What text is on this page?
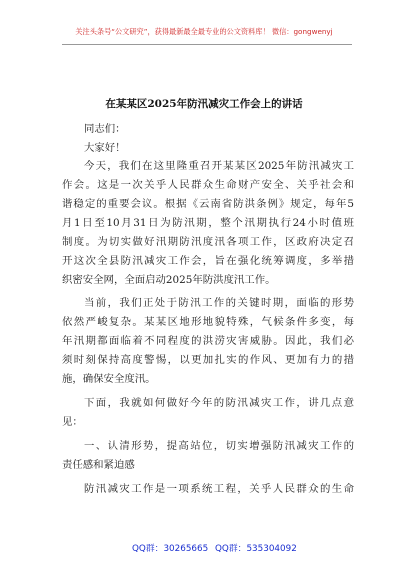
关注头条号“公文研究”，获得最新最全最专业的公文资料库！ 微信：gongwenyj
在某某区2025年防汛减灾工作会上的讲话
同志们：
大家好！
今天，我们在这里隆重召开某某区2025年防汛减灾工
作会。这是一次关乎人民群众生命财产安全、关乎社会和
谐稳定的重要会议。根据《云南省防洪条例》规定，每年5
月1日至10月31日为防汛期，整个汛期执行24小时值班
制度。为切实做好汛期防汛度汛各项工作，区政府决定召
开这次全县防汛减灾工作会，旨在强化统筹调度，多举措
织密安全网，全面启动2025年防洪度汛工作。
当前，我们正处于防汛工作的关键时期，面临的形势
依然严峻复杂。某某区地形地貌特殊，气候条件多变，每
年汛期都面临着不同程度的洪涝灾害威胁。因此，我们必
须时刻保持高度警惕，以更加扎实的作风、更加有力的措
施，确保安全度汛。
下面，我就如何做好今年的防汛减灾工作，讲几点意
见：
一、认清形势，提高站位，切实增强防汛减灾工作的
责任感和紧迫感
防汛减灾工作是一项系统工程，关乎人民群众的生命
QQ群：30265665 QQ群：535304092
